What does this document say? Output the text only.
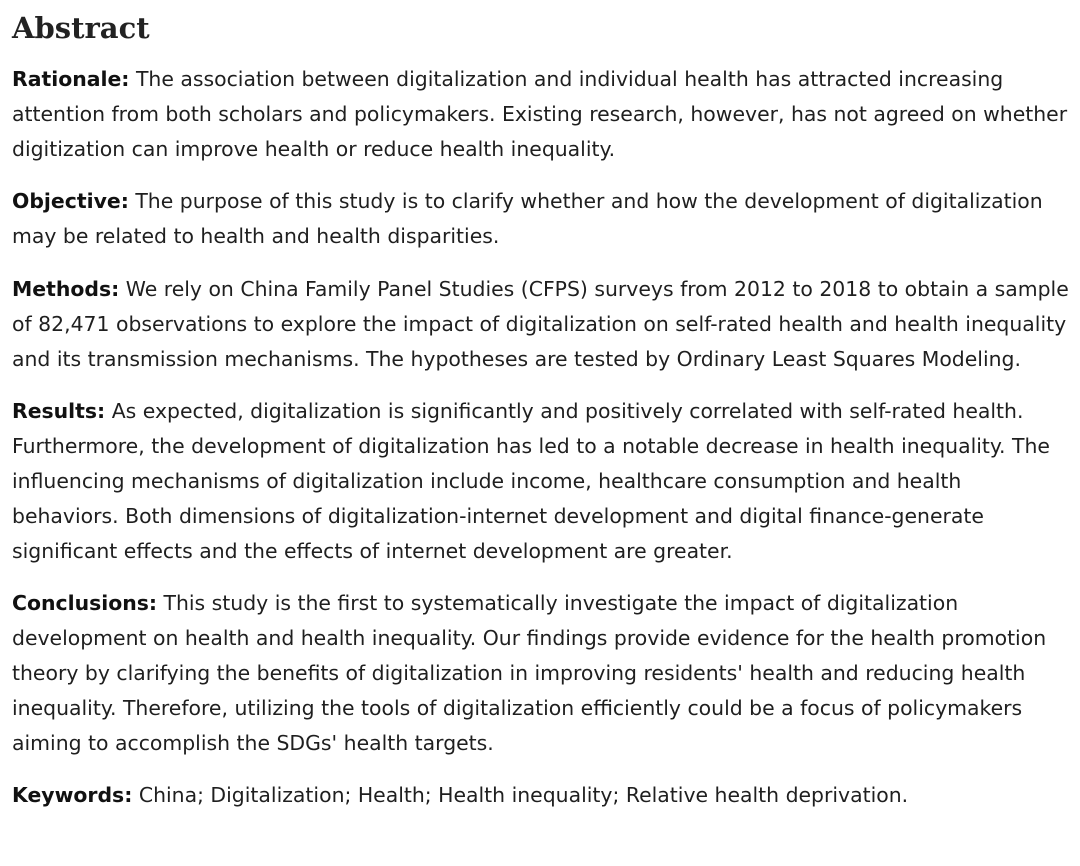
Abstract

Rationale: The association between digitalization and individual health has attracted increasing attention from both scholars and policymakers. Existing research, however, has not agreed on whether digitization can improve health or reduce health inequality.

Objective: The purpose of this study is to clarify whether and how the development of digitalization may be related to health and health disparities.

Methods: We rely on China Family Panel Studies (CFPS) surveys from 2012 to 2018 to obtain a sample of 82,471 observations to explore the impact of digitalization on self-rated health and health inequality and its transmission mechanisms. The hypotheses are tested by Ordinary Least Squares Modeling.

Results: As expected, digitalization is significantly and positively correlated with self-rated health. Furthermore, the development of digitalization has led to a notable decrease in health inequality. The influencing mechanisms of digitalization include income, healthcare consumption and health behaviors. Both dimensions of digitalization-internet development and digital finance-generate significant effects and the effects of internet development are greater.

Conclusions: This study is the first to systematically investigate the impact of digitalization development on health and health inequality. Our findings provide evidence for the health promotion theory by clarifying the benefits of digitalization in improving residents' health and reducing health inequality. Therefore, utilizing the tools of digitalization efficiently could be a focus of policymakers aiming to accomplish the SDGs' health targets.

Keywords: China; Digitalization; Health; Health inequality; Relative health deprivation.
